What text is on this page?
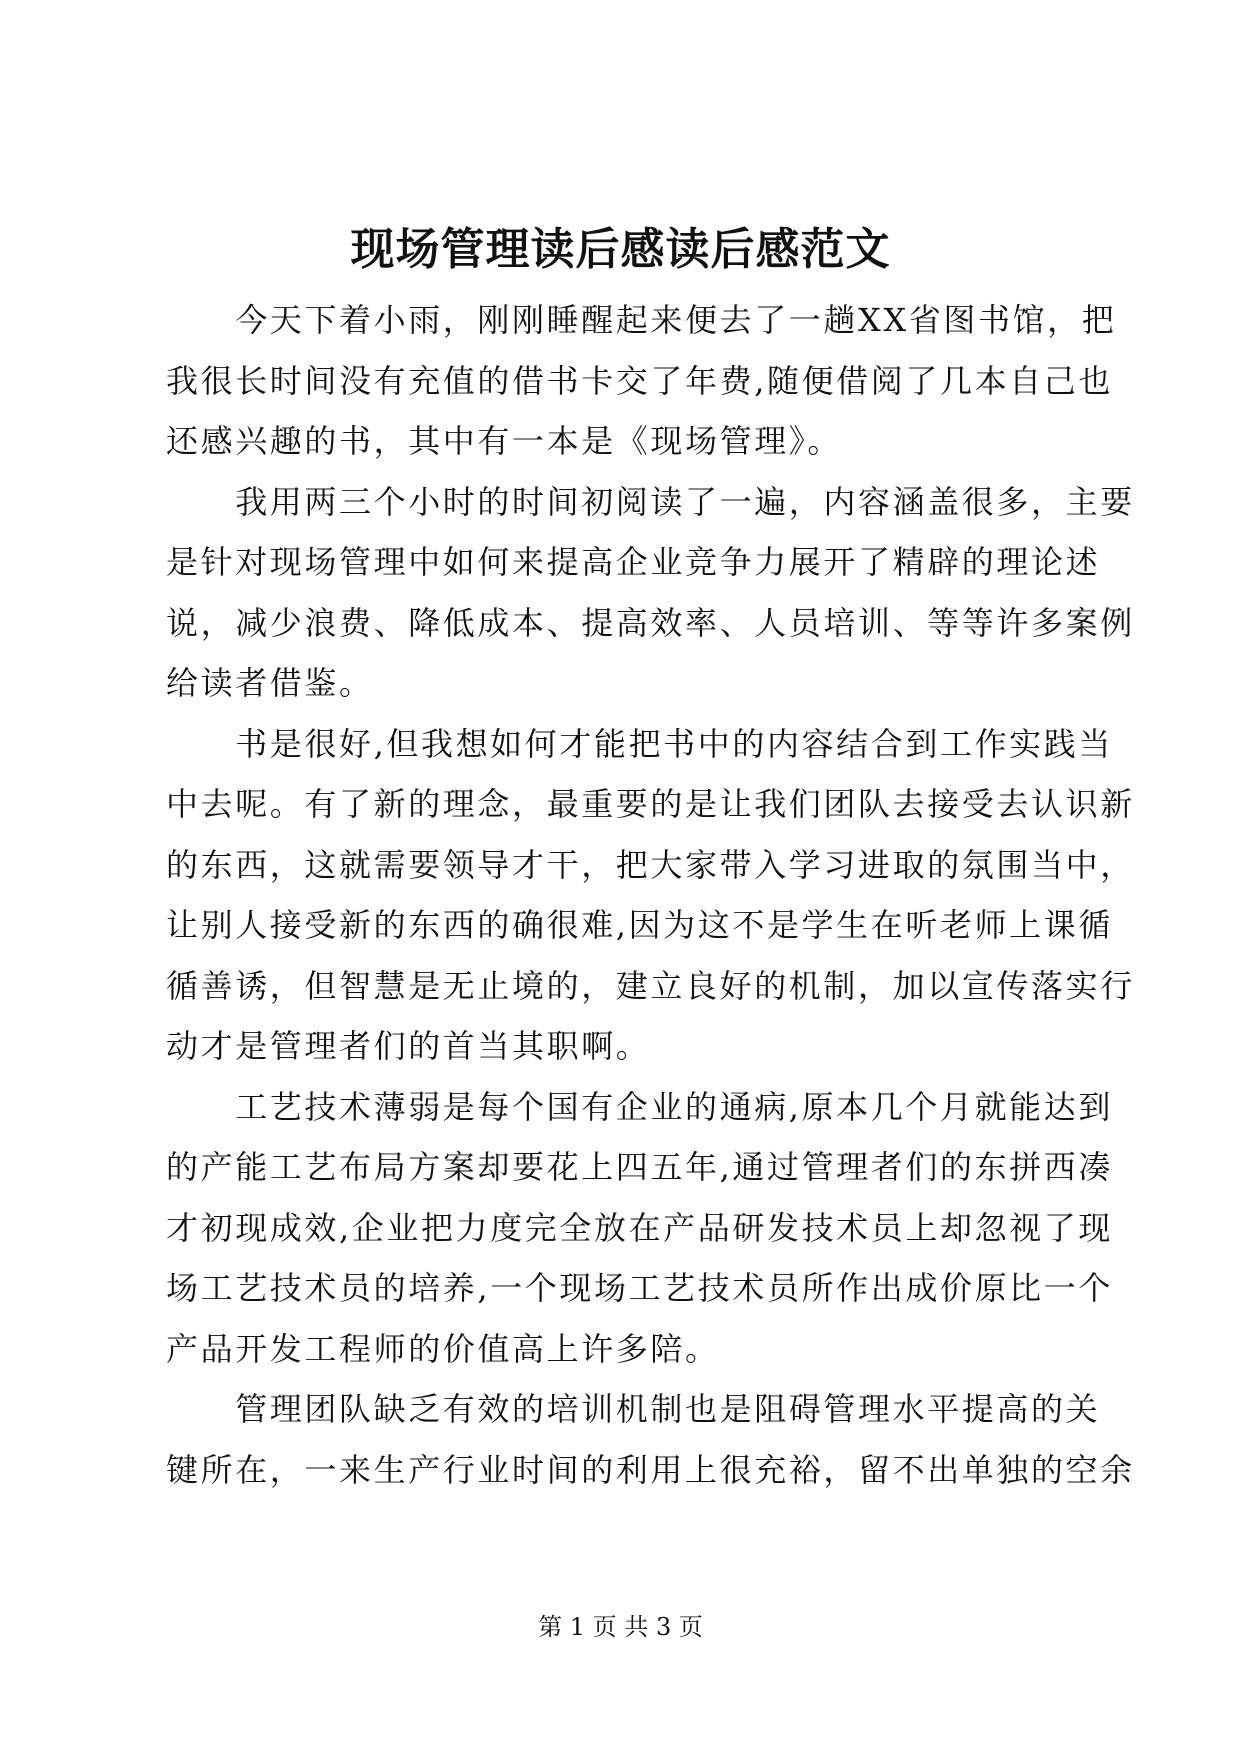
现场管理读后感读后感范文
　　今天下着小雨，刚刚睡醒起来便去了一趟XX省图书馆，把
我很长时间没有充值的借书卡交了年费,随便借阅了几本自己也
还感兴趣的书，其中有一本是《现场管理》。
　　我用两三个小时的时间初阅读了一遍，内容涵盖很多，主要
是针对现场管理中如何来提高企业竞争力展开了精辟的理论述
说，减少浪费、降低成本、提高效率、人员培训、等等许多案例
给读者借鉴。
　　书是很好,但我想如何才能把书中的内容结合到工作实践当
中去呢。有了新的理念，最重要的是让我们团队去接受去认识新
的东西，这就需要领导才干，把大家带入学习进取的氛围当中，
让别人接受新的东西的确很难,因为这不是学生在听老师上课循
循善诱，但智慧是无止境的，建立良好的机制，加以宣传落实行
动才是管理者们的首当其职啊。
　　工艺技术薄弱是每个国有企业的通病,原本几个月就能达到
的产能工艺布局方案却要花上四五年,通过管理者们的东拼西凑
才初现成效,企业把力度完全放在产品研发技术员上却忽视了现
场工艺技术员的培养,一个现场工艺技术员所作出成价原比一个
产品开发工程师的价值高上许多陪。
　　管理团队缺乏有效的培训机制也是阻碍管理水平提高的关
键所在，一来生产行业时间的利用上很充裕，留不出单独的空余
第 1 页 共 3 页
